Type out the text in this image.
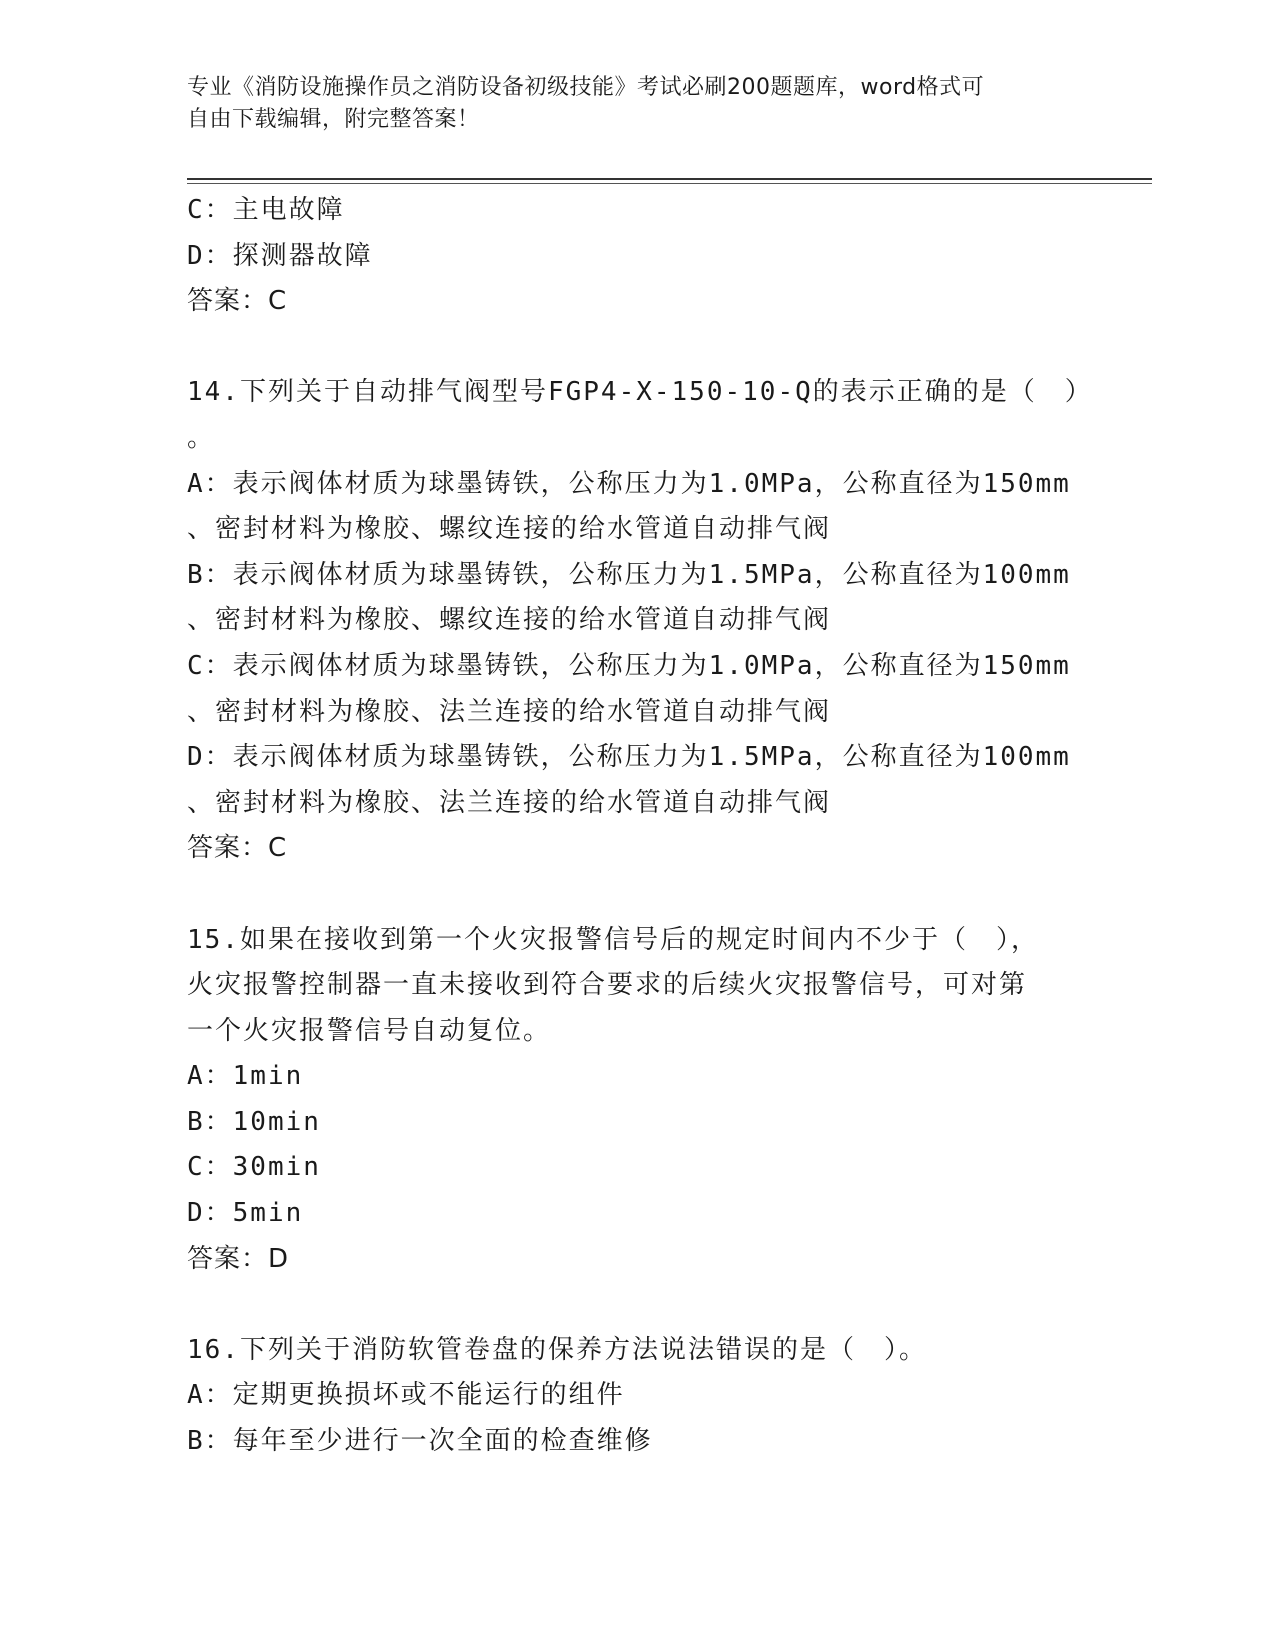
专业《消防设施操作员之消防设备初级技能》考试必刷200题题库，word格式可
自由下载编辑，附完整答案！
C：主电故障
D：探测器故障
答案：C
14.下列关于自动排气阀型号FGP4-X-150-10-Q的表示正确的是（　）
。
A：表示阀体材质为球墨铸铁，公称压力为1.0MPa，公称直径为150mm
、密封材料为橡胶、螺纹连接的给水管道自动排气阀
B：表示阀体材质为球墨铸铁，公称压力为1.5MPa，公称直径为100mm
、密封材料为橡胶、螺纹连接的给水管道自动排气阀
C：表示阀体材质为球墨铸铁，公称压力为1.0MPa，公称直径为150mm
、密封材料为橡胶、法兰连接的给水管道自动排气阀
D：表示阀体材质为球墨铸铁，公称压力为1.5MPa，公称直径为100mm
、密封材料为橡胶、法兰连接的给水管道自动排气阀
答案：C
15.如果在接收到第一个火灾报警信号后的规定时间内不少于（　），
火灾报警控制器一直未接收到符合要求的后续火灾报警信号，可对第
一个火灾报警信号自动复位。
A：1min
B：10min
C：30min
D：5min
答案：D
16.下列关于消防软管卷盘的保养方法说法错误的是（　）。
A：定期更换损坏或不能运行的组件
B：每年至少进行一次全面的检查维修
